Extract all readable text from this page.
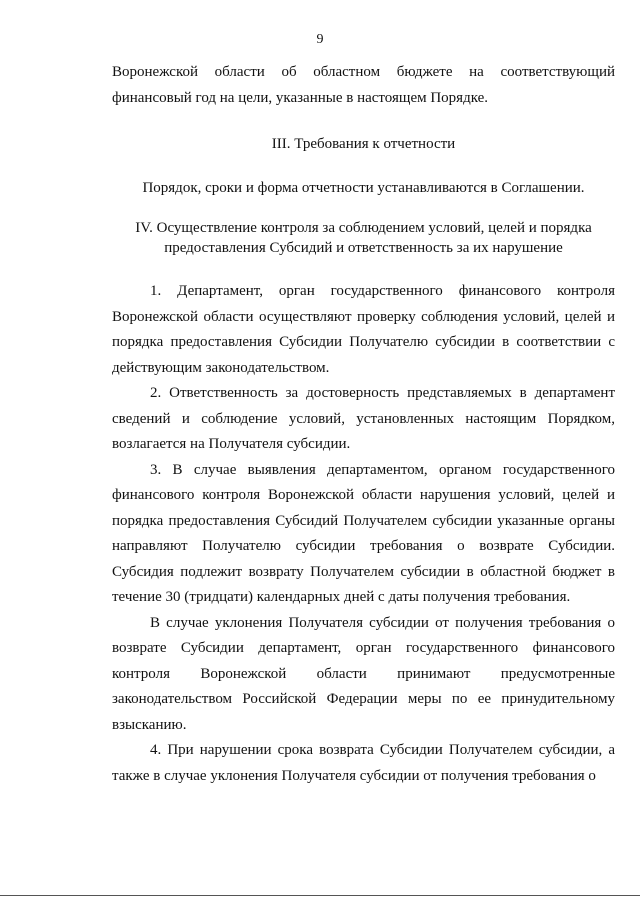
9
Воронежской области об областном бюджете на соответствующий финансовый год на цели, указанные в настоящем Порядке.
III. Требования к отчетности
Порядок, сроки и форма отчетности устанавливаются в Соглашении.
IV. Осуществление контроля за соблюдением условий, целей и порядка
предоставления Субсидий и ответственность за их нарушение

1. Департамент, орган государственного финансового контроля Воронежской области осуществляют проверку соблюдения условий, целей и порядка предоставления Субсидии Получателю субсидии в соответствии с действующим законодательством.

2. Ответственность за достоверность представляемых в департамент сведений и соблюдение условий, установленных настоящим Порядком, возлагается на Получателя субсидии.

3. В случае выявления департаментом, органом государственного финансового контроля Воронежской области нарушения условий, целей и порядка предоставления Субсидий Получателем субсидии указанные органы направляют Получателю субсидии требования о возврате Субсидии. Субсидия подлежит возврату Получателем субсидии в областной бюджет в течение 30 (тридцати) календарных дней с даты получения требования.

В случае уклонения Получателя субсидии от получения требования о возврате Субсидии департамент, орган государственного финансового контроля Воронежской области принимают предусмотренные законодательством Российской Федерации меры по ее принудительному взысканию.

4. При нарушении срока возврата Субсидии Получателем субсидии, а также в случае уклонения Получателя субсидии от получения требования о
